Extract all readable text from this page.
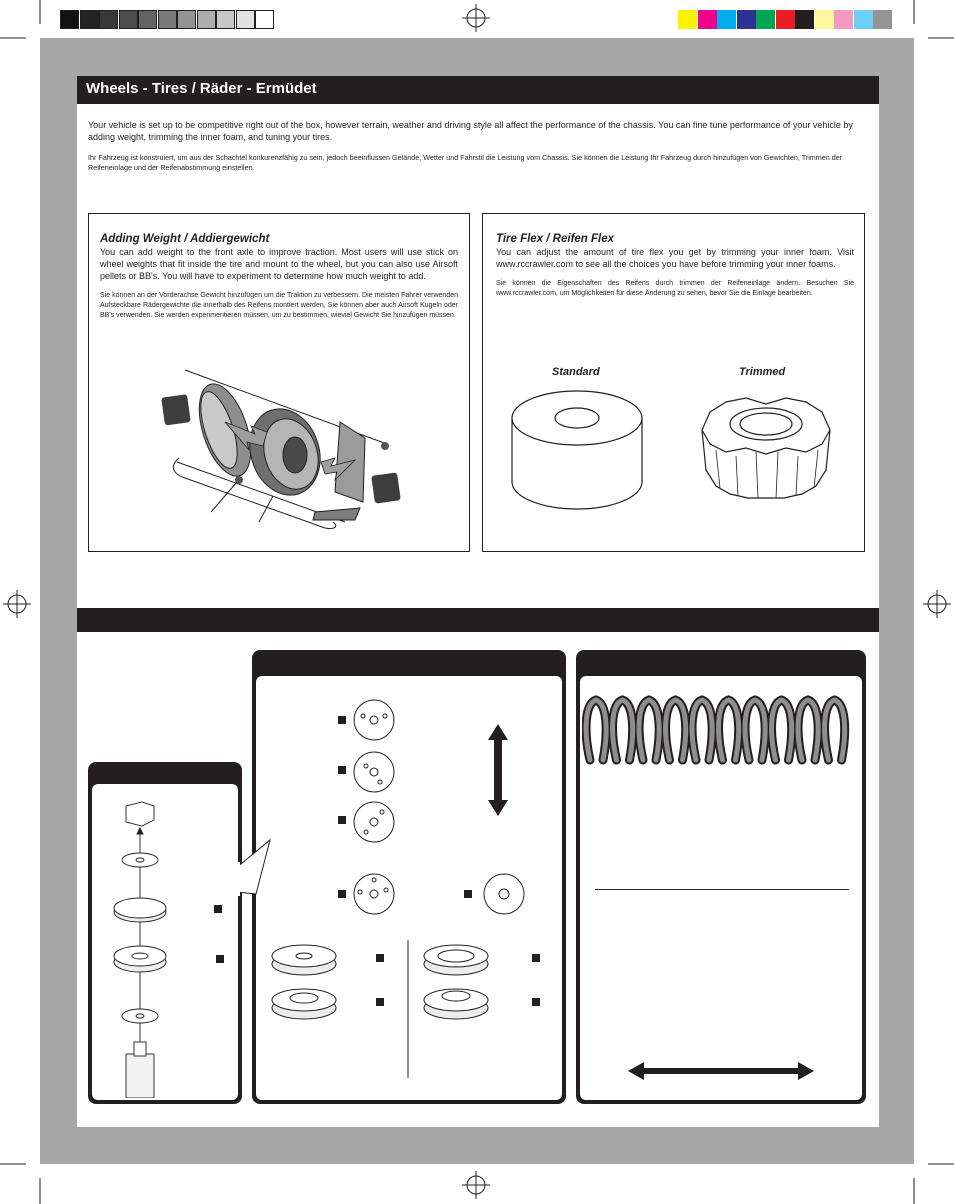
Wheels - Tires / Räder - Ermüdet
Your vehicle is set up to be competitive right out of the box, however terrain, weather and driving style all affect the performance of the chassis. You can fine tune performance of your vehicle by adding weight, trimming the inner foam, and tuning your tires.
Ihr Fahrzeug ist konstruiert, um aus der Schachtel konkurenzfähig zu sein, jedoch beeinflussen Gelände, Wetter und Fahrstil die Leistung vom Chassis. Sie können die Leistung Ihr Fahrzeug durch hinzufügen von Gewichten, Trimmen der Reifeneinlage und der Reifenabstimmung einstellen.
Adding Weight / Addiergewicht
You can add weight to the front axle to improve traction. Most users will use stick on wheel weights that fit inside the tire and mount to the wheel, but you can also use Airsoft pellets or BB's. You will have to experiment to determine how much weight to add.
Sie können an der Vorderachse Gewicht hinzufügen um die Traktion zu verbessern. Die meisten Fahrer verwenden Aufsteckbare Rädergewichte die innerhalb des Reifens montiert werden, Sie können aber auch Airsoft Kugeln oder BB's verwenden. Sie werden experimentieren müssen, um zu bestimmen, wieviel Gewicht Sie hinzufügen müssen.
Tire Flex / Reifen Flex
You can adjust the amount of tire flex you get by trimming your inner foam. Visit www.rccrawler.com to see all the choices you have before trimming your inner foams.
Sie können die Eigenschaften des Reifens durch trimmen der Reifeneinlage ändern. Besuchen Sie www.rccrawler.com, um Möglichkeiten für diese Änderung zu sehen, bevor Sie die Einlage bearbeiten.
Standard	Trimmed
